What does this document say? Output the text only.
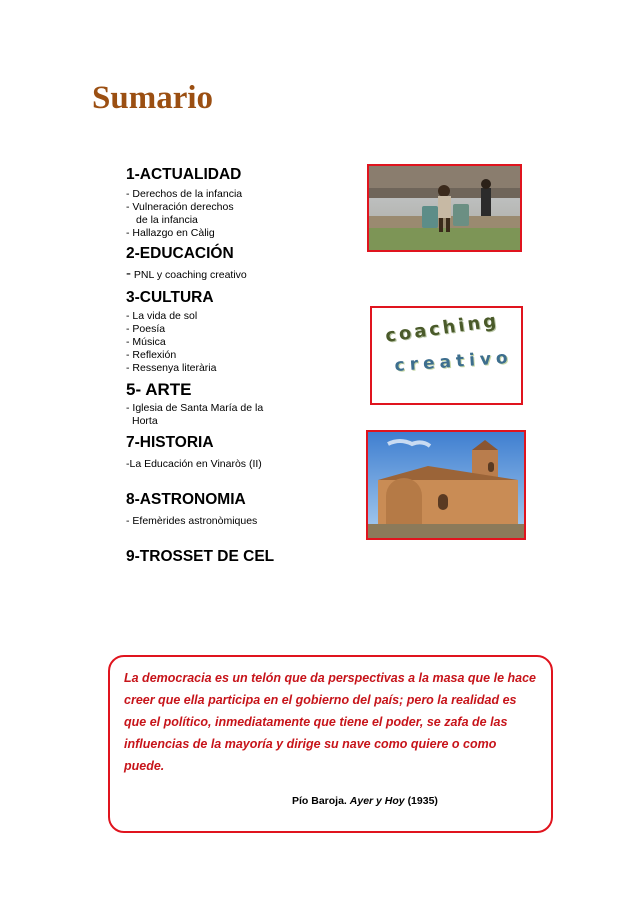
Sumario
1-ACTUALIDAD
- Derechos de la infancia
- Vulneración derechos
de la infancia
- Hallazgo en Càlig
2-EDUCACIÓN
- PNL y coaching creativo
3-CULTURA
- La vida de sol
- Poesía
- Música
- Reflexión
- Ressenya literària
5- ARTE
- Iglesia de Santa María de la
Horta
7-HISTORIA
-La Educación en Vinaròs (II)
8-ASTRONOMIA
- Efemèrides astronòmiques
9-TROSSET DE CEL
coaching
creativo

La democracia es un telón que da perspectivas a la masa que le hace creer que ella participa en el gobierno del país; pero la realidad es que el político, inmediatamente que tiene el poder, se zafa de las influencias de la mayoría y dirige su nave como quiere o como puede.

Pío Baroja. Ayer y Hoy (1935)
